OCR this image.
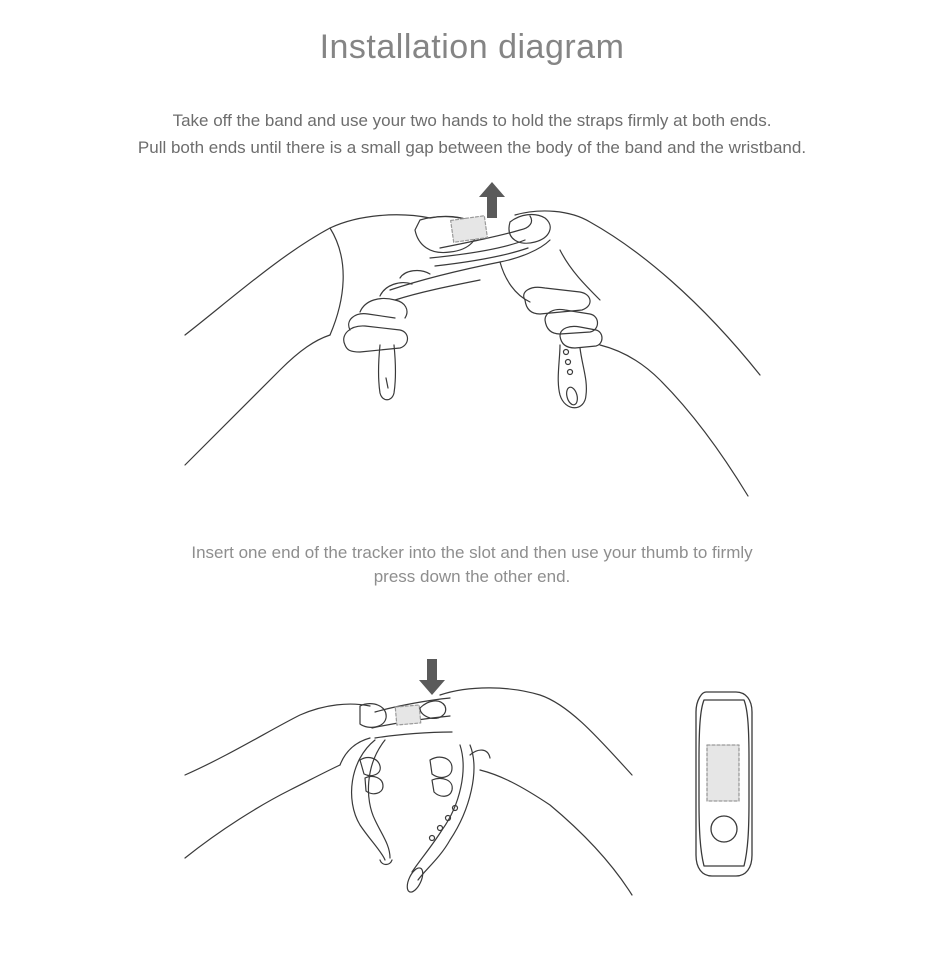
Installation diagram
Take off the band and use your two hands to hold the straps firmly at both ends.
Pull both ends until there is a small gap between the body of the band and the wristband.
Insert one end of the tracker into the slot and then use your thumb to firmly
press down the other end.
